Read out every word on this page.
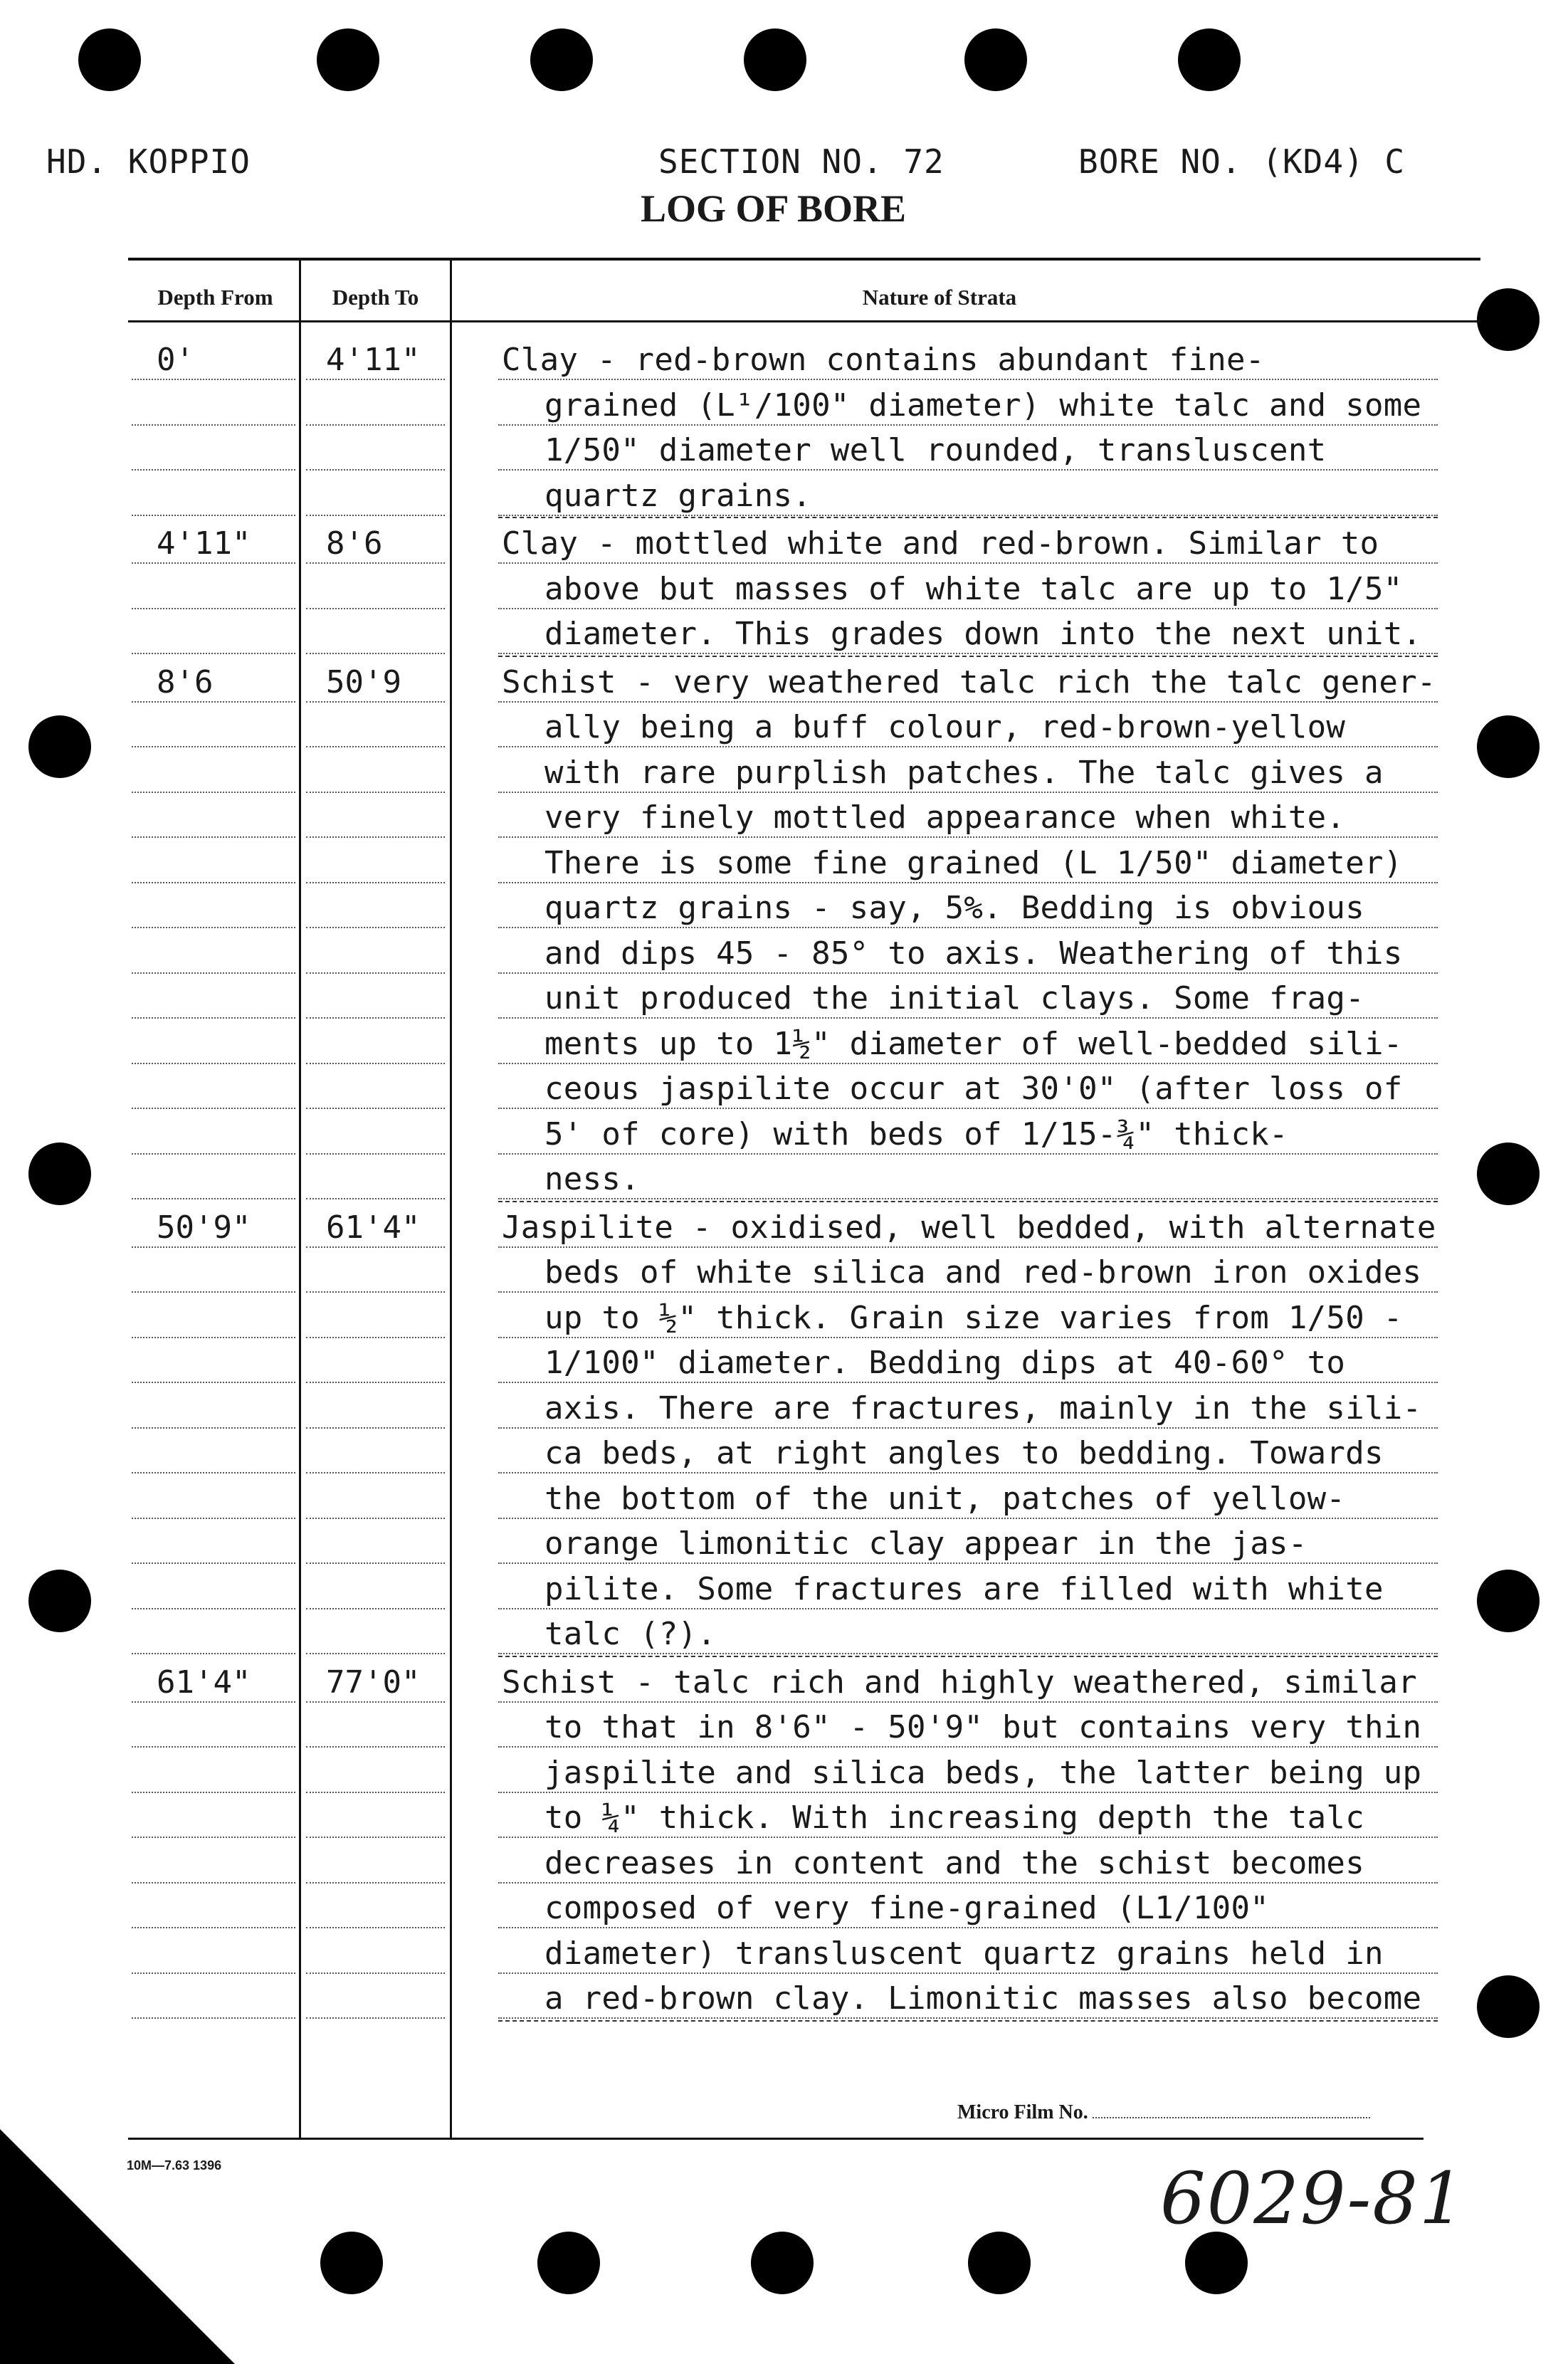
HD. KOPPIO	SECTION NO. 72	BORE NO. (KD4) C
LOG OF BORE
Depth From	Depth To	Nature of Strata
0'	4'11"	Clay - red-brown contains abundant fine-
grained (L¹/100" diameter) white talc and some
1/50" diameter well rounded, transluscent
quartz grains.
4'11" 8'6	Clay - mottled white and red-brown. Similar to
above but masses of white talc are up to 1/5"
diameter. This grades down into the next unit.
8'6	50'9	Schist - very weathered talc rich the talc gener-
ally being a buff colour, red-brown-yellow
with rare purplish patches. The talc gives a
very finely mottled appearance when white.
There is some fine grained (L 1/50" diameter)
quartz grains - say, 5%. Bedding is obvious
and dips 45 - 85° to axis. Weathering of this
unit produced the initial clays. Some frag-
ments up to 1½" diameter of well-bedded sili-
ceous jaspilite occur at 30'0" (after loss of
5' of core) with beds of 1/15-¾" thick-
ness.
50'9" 61'4"	Jaspilite - oxidised, well bedded, with alternate
beds of white silica and red-brown iron oxides
up to ½" thick. Grain size varies from 1/50 -
1/100" diameter. Bedding dips at 40-60° to
axis. There are fractures, mainly in the sili-
ca beds, at right angles to bedding. Towards
the bottom of the unit, patches of yellow-
orange limonitic clay appear in the jas-
pilite. Some fractures are filled with white
talc (?).
61'4" 77'0"	Schist - talc rich and highly weathered, similar
to that in 8'6" - 50'9" but contains very thin
jaspilite and silica beds, the latter being up
to ¼" thick. With increasing depth the talc
decreases in content and the schist becomes
composed of very fine-grained (L1/100"
diameter) transluscent quartz grains held in
a red-brown clay. Limonitic masses also become
10M—7.63 1396
Micro Film No.
6029-81
